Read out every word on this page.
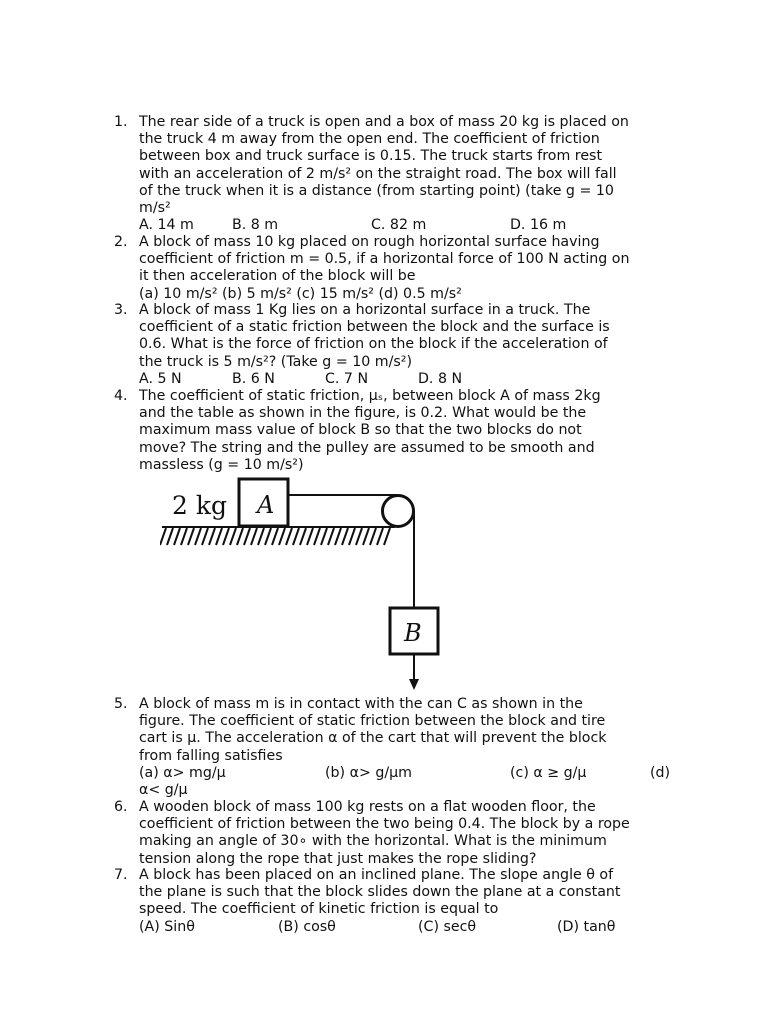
1. The rear side of a truck is open and a box of mass 20 kg is placed on
the truck 4 m away from the open end. The coefficient of friction
between box and truck surface is 0.15. The truck starts from rest
with an acceleration of 2 m/s² on the straight road. The box will fall
of the truck when it is a distance (from starting point) (take g = 10
m/s²
A. 14 m	B. 8 m	C. 82 m	D. 16 m
2. A block of mass 10 kg placed on rough horizontal surface having
coefficient of friction m = 0.5, if a horizontal force of 100 N acting on
it then acceleration of the block will be
(a) 10 m/s² (b) 5 m/s² (c) 15 m/s² (d) 0.5 m/s²
3. A block of mass 1 Kg lies on a horizontal surface in a truck. The
coefficient of a static friction between the block and the surface is
0.6. What is the force of friction on the block if the acceleration of
the truck is 5 m/s²? (Take g = 10 m/s²)
A. 5 N	B. 6 N	C. 7 N	D. 8 N
4. The coefficient of static friction, μₛ, between block A of mass 2kg
and the table as shown in the figure, is 0.2. What would be the
maximum mass value of block B so that the two blocks do not
move? The string and the pulley are assumed to be smooth and
massless (g = 10 m/s²)
2 kg A
B
5. A block of mass m is in contact with the can C as shown in the
figure. The coefficient of static friction between the block and tire
cart is μ. The acceleration α of the cart that will prevent the block
from falling satisfies
(a) α> mg/μ	(b) α> g/μm	(c) α ≥ g/μ	(d)
α< g/μ
6. A wooden block of mass 100 kg rests on a flat wooden floor, the
coefficient of friction between the two being 0.4. The block by a rope
making an angle of 30∘ with the horizontal. What is the minimum
tension along the rope that just makes the rope sliding?
7. A block has been placed on an inclined plane. The slope angle θ of
the plane is such that the block slides down the plane at a constant
speed. The coefficient of kinetic friction is equal to
(A) Sinθ	(B) cosθ	(C) secθ	(D) tanθ
